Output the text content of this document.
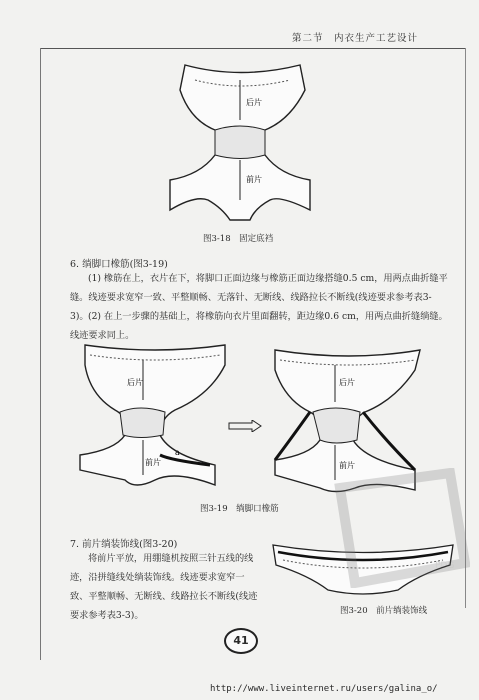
第二节　内衣生产工艺设计
后片
前片
图3-18　固定底裆
6. 绱脚口橡筋(图3-19)
(1) 橡筋在上，衣片在下，将脚口正面边缘与橡筋正面边缘搭缝0.5 cm，用两点曲折缝平缝。线迹要求宽窄一致、平整顺畅、无落针、无断线、线路拉长不断线(线迹要求参考表3-3)。 (2) 在上一步骤的基础上，将橡筋向衣片里面翻转，距边缘0.6 cm，用两点曲折缝绱缝。线迹要求同上。
后片
前片
a
后片
前片
图3-19　绱脚口橡筋
7. 前片绱装饰线(图3-20)
将前片平放，用绷缝机按照三针五线的线迹，沿拼缝线处绱装饰线。线迹要求宽窄一致、平整顺畅、无断线、线路拉长不断线(线迹要求参考表3-3)。	图3-20　前片绱装饰线
PDG
41
http://www.liveinternet.ru/users/galina_o/
